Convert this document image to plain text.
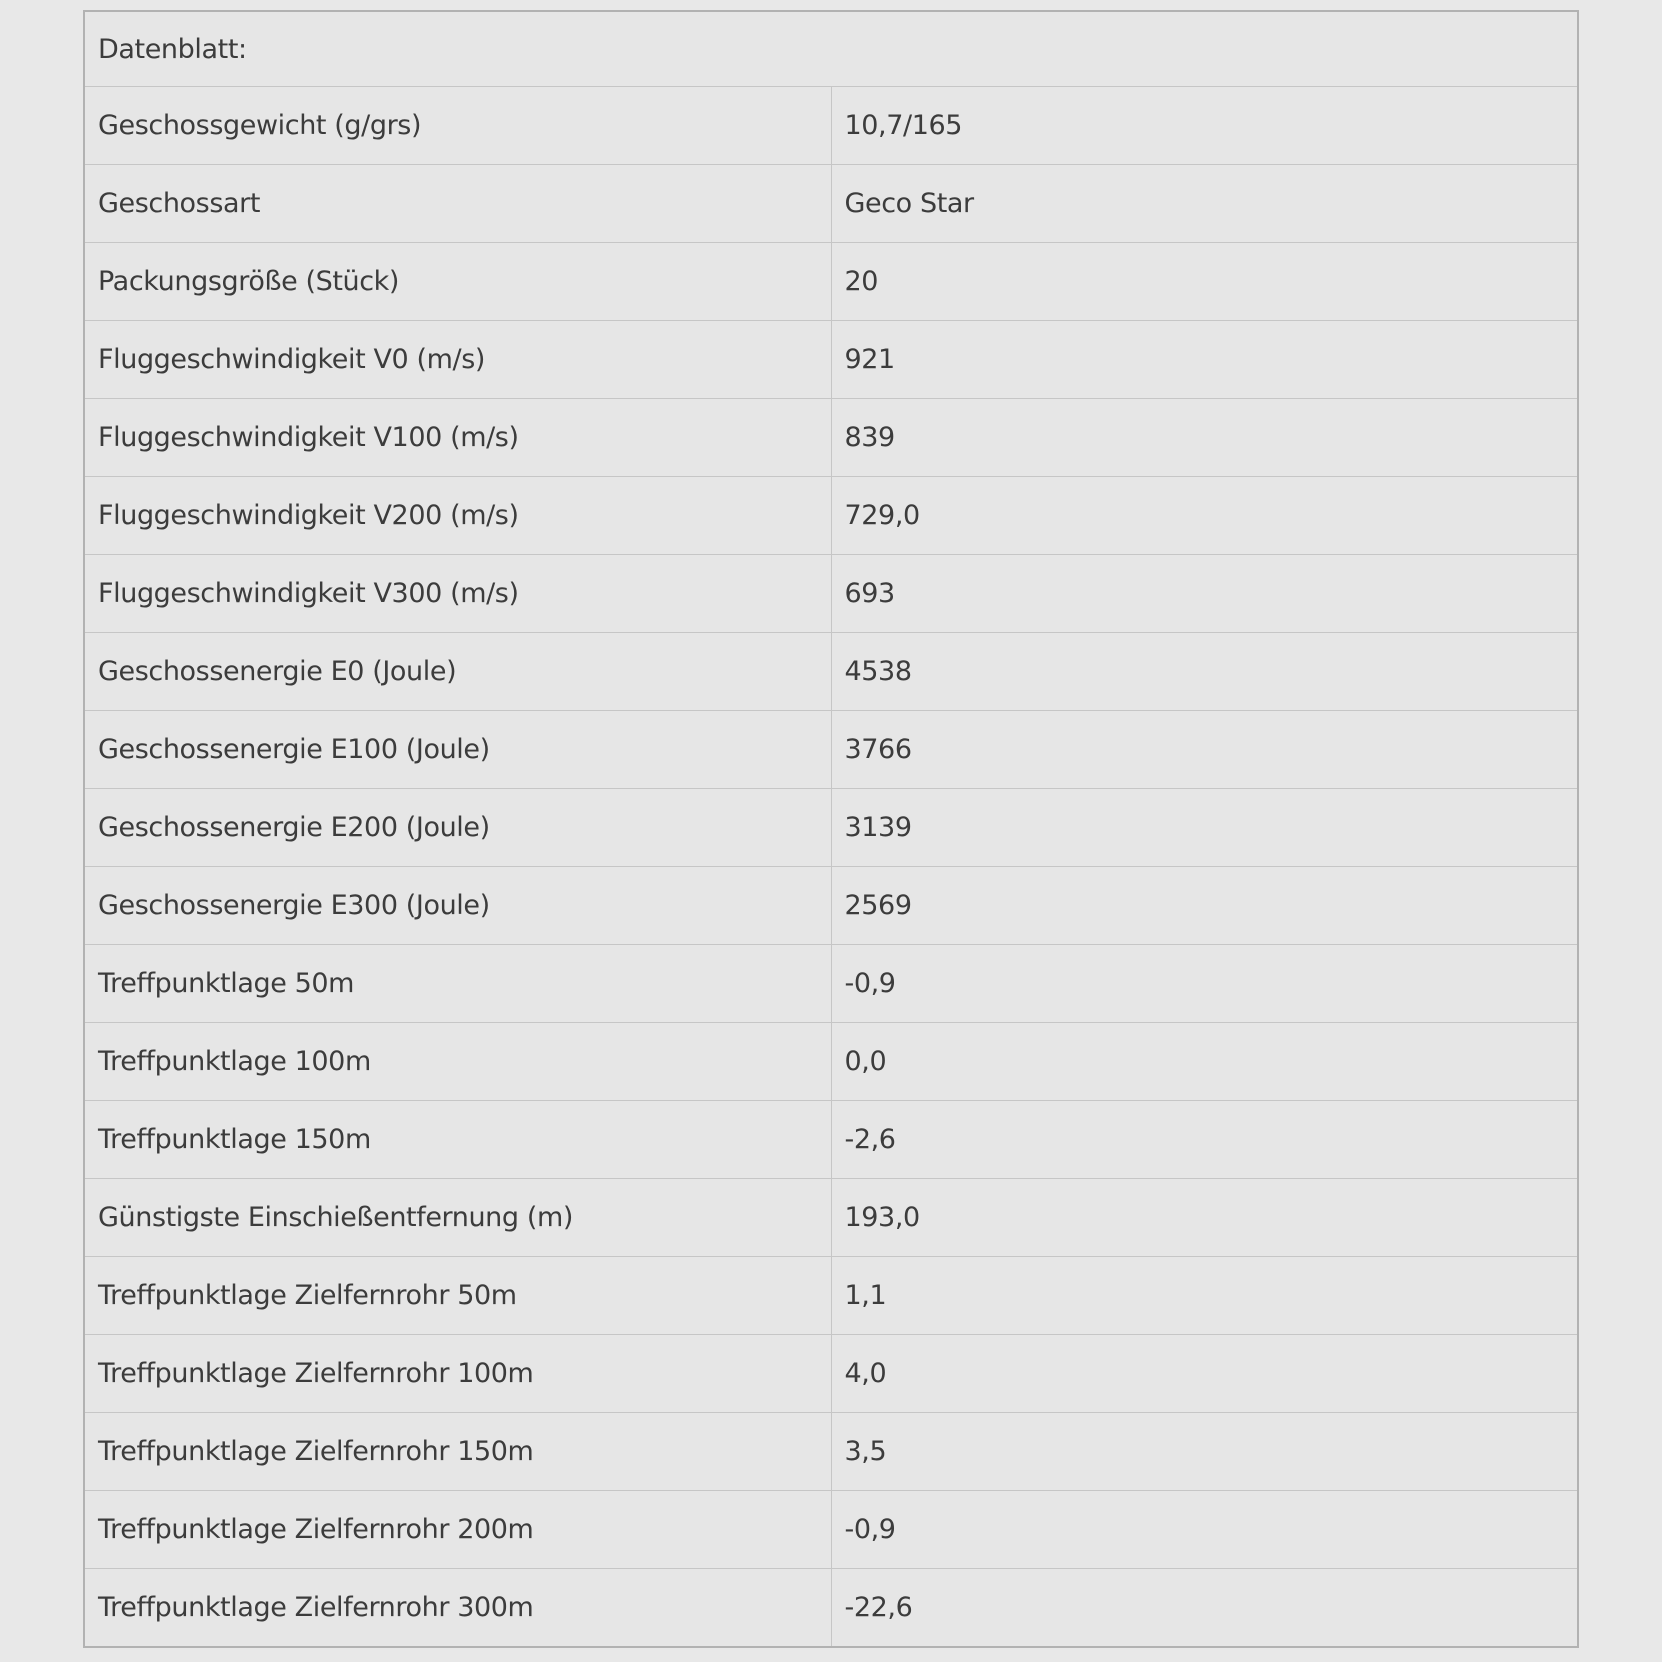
Datenblatt:	
Geschossgewicht (g/grs)	10,7/165
Geschossart	Geco Star
Packungsgröße (Stück)	20
Fluggeschwindigkeit V0 (m/s)	921
Fluggeschwindigkeit V100 (m/s)	839
Fluggeschwindigkeit V200 (m/s)	729,0
Fluggeschwindigkeit V300 (m/s)	693
Geschossenergie E0 (Joule)	4538
Geschossenergie E100 (Joule)	3766
Geschossenergie E200 (Joule)	3139
Geschossenergie E300 (Joule)	2569
Treffpunktlage 50m	-0,9
Treffpunktlage 100m	0,0
Treffpunktlage 150m	-2,6
Günstigste Einschießentfernung (m)	193,0
Treffpunktlage Zielfernrohr 50m	1,1
Treffpunktlage Zielfernrohr 100m	4,0
Treffpunktlage Zielfernrohr 150m	3,5
Treffpunktlage Zielfernrohr 200m	-0,9
Treffpunktlage Zielfernrohr 300m	-22,6
